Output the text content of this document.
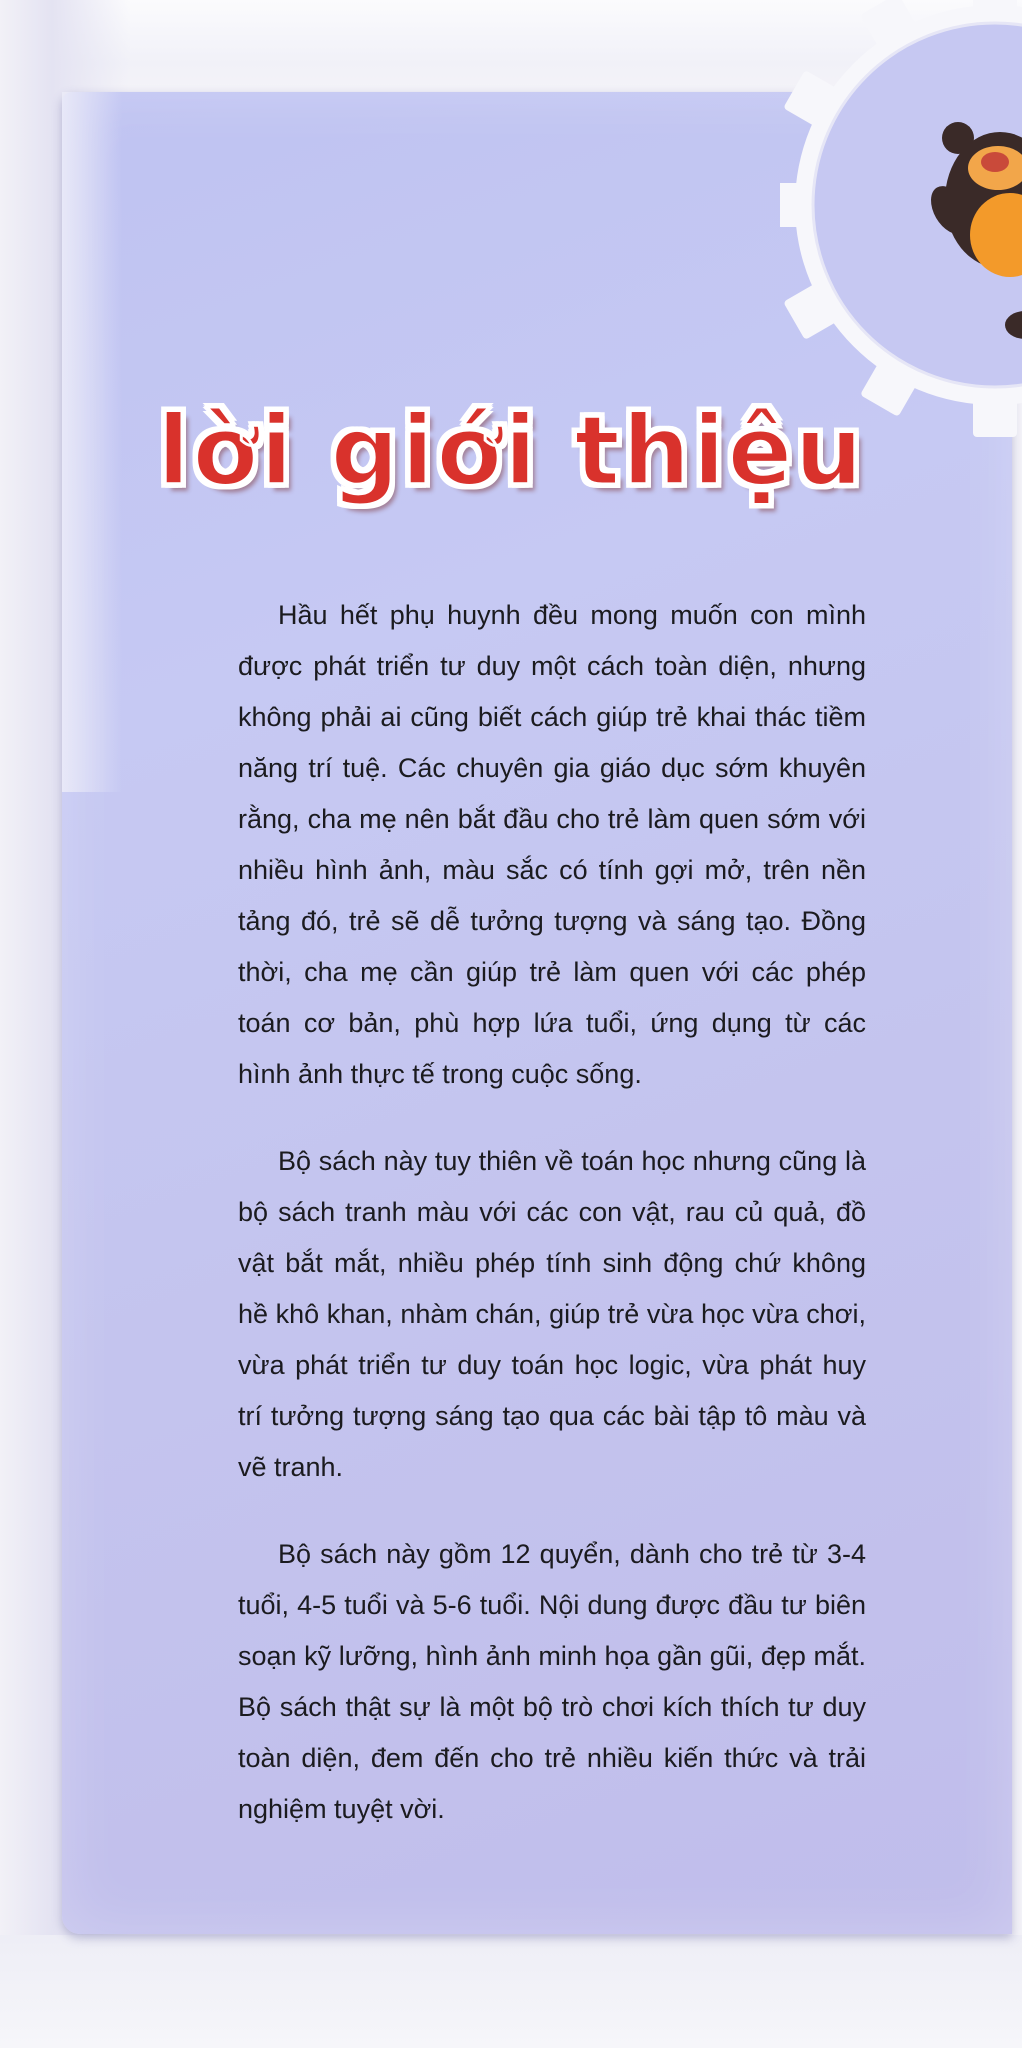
lời giới thiệu

Hầu hết phụ huynh đều mong muốn con mình được phát triển tư duy một cách toàn diện, nhưng không phải ai cũng biết cách giúp trẻ khai thác tiềm năng trí tuệ. Các chuyên gia giáo dục sớm khuyên rằng, cha mẹ nên bắt đầu cho trẻ làm quen sớm với nhiều hình ảnh, màu sắc có tính gợi mở, trên nền tảng đó, trẻ sẽ dễ tưởng tượng và sáng tạo. Đồng thời, cha mẹ cần giúp trẻ làm quen với các phép toán cơ bản, phù hợp lứa tuổi, ứng dụng từ các hình ảnh thực tế trong cuộc sống.

Bộ sách này tuy thiên về toán học nhưng cũng là bộ sách tranh màu với các con vật, rau củ quả, đồ vật bắt mắt, nhiều phép tính sinh động chứ không hề khô khan, nhàm chán, giúp trẻ vừa học vừa chơi, vừa phát triển tư duy toán học logic, vừa phát huy trí tưởng tượng sáng tạo qua các bài tập tô màu và vẽ tranh.

Bộ sách này gồm 12 quyển, dành cho trẻ từ 3-4 tuổi, 4-5 tuổi và 5-6 tuổi. Nội dung được đầu tư biên soạn kỹ lưỡng, hình ảnh minh họa gần gũi, đẹp mắt. Bộ sách thật sự là một bộ trò chơi kích thích tư duy toàn diện, đem đến cho trẻ nhiều kiến thức và trải nghiệm tuyệt vời.
